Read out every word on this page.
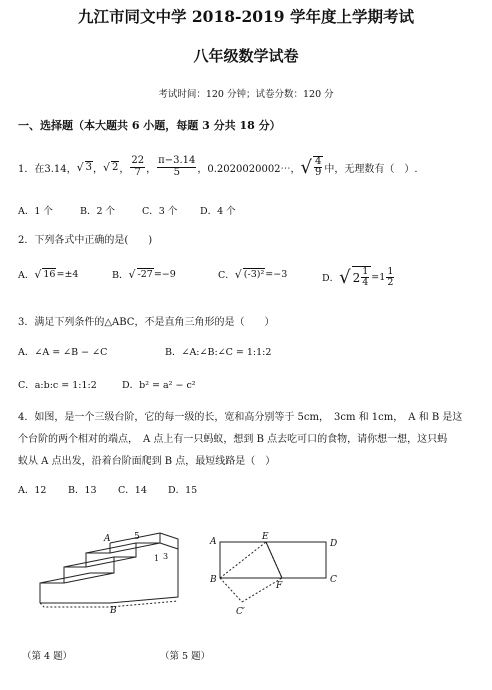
九江市同文中学 2018-2019 学年度上学期考试
八年级数学试卷
考试时间：120 分钟；试卷分数：120 分
一、选择题（本大题共 6 小题，每题 3 分共 18 分）
1．在 3.14， √ 3 ， √ 2 ， $\frac{22}{7}$ ， $\frac{\pi-3.14}{5}$ ，0.2020020002⋯， √ $\frac{4}{9}$ 中，无理数有（　）.
A．1 个	B．2 个	C．3 个 D．4 个
2．下列各式中正确的是(　　)
A． √ 16 =±4	B． √ -27 =−9	C． √ (-3)² =−3	D． √ $2 \frac{1}{4} =1 \frac{1}{2}$
3．满足下列条件的△ABC，不是直角三角形的是（　　）
A．∠A = ∠B − ∠C	B．∠A:∠B:∠C = 1:1:2
C．a:b:c = 1:1:2	D．b² = a² − c²
4．如图，是一个三级台阶，它的每一级的长，宽和高分别等于 5cm，　3cm 和 1cm，　A 和 B 是这
个台阶的两个相对的端点，　A 点上有一只蚂蚁，想到 B 点去吃可口的食物，请你想一想，这只蚂
蚁从 A 点出发，沿着台阶面爬到 B 点，最短线路是（　）
A．12 B．13 C．14 D．15
A	5
1 3
B
A	E
D
B
F
C
C′
（第 4 题）	（第 5 题）
